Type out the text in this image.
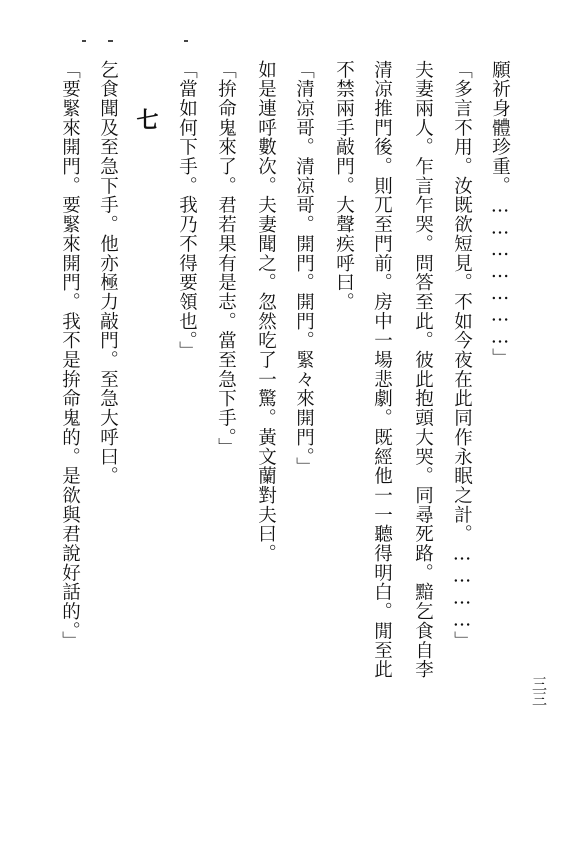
三三
願祈身體珍重。…………………」
「多言不用。汝既欲短見。不如今夜在此同作永眠之計。…………」
夫妻兩人。乍言乍哭。問答至此。彼此抱頭大哭。同尋死路。黯乞食自李
清凉推門後。則兀至門前。房中一場悲劇。既經他一一聽得明白。閒至此
不禁兩手敲門。大聲疾呼曰。
「清凉哥。清凉哥。開門。開門。緊々來開門。」
如是連呼數次。夫妻聞之。忽然吃了一驚。黃文蘭對夫曰。
「拚命鬼來了。君若果有是志。當至急下手。」
「當如何下手。我乃不得要領也。」
七
乞食聞及至急下手。他亦極力敲門。至急大呼曰。
「要緊來開門。要緊來開門。我不是拚命鬼的。是欲與君說好話的。」
